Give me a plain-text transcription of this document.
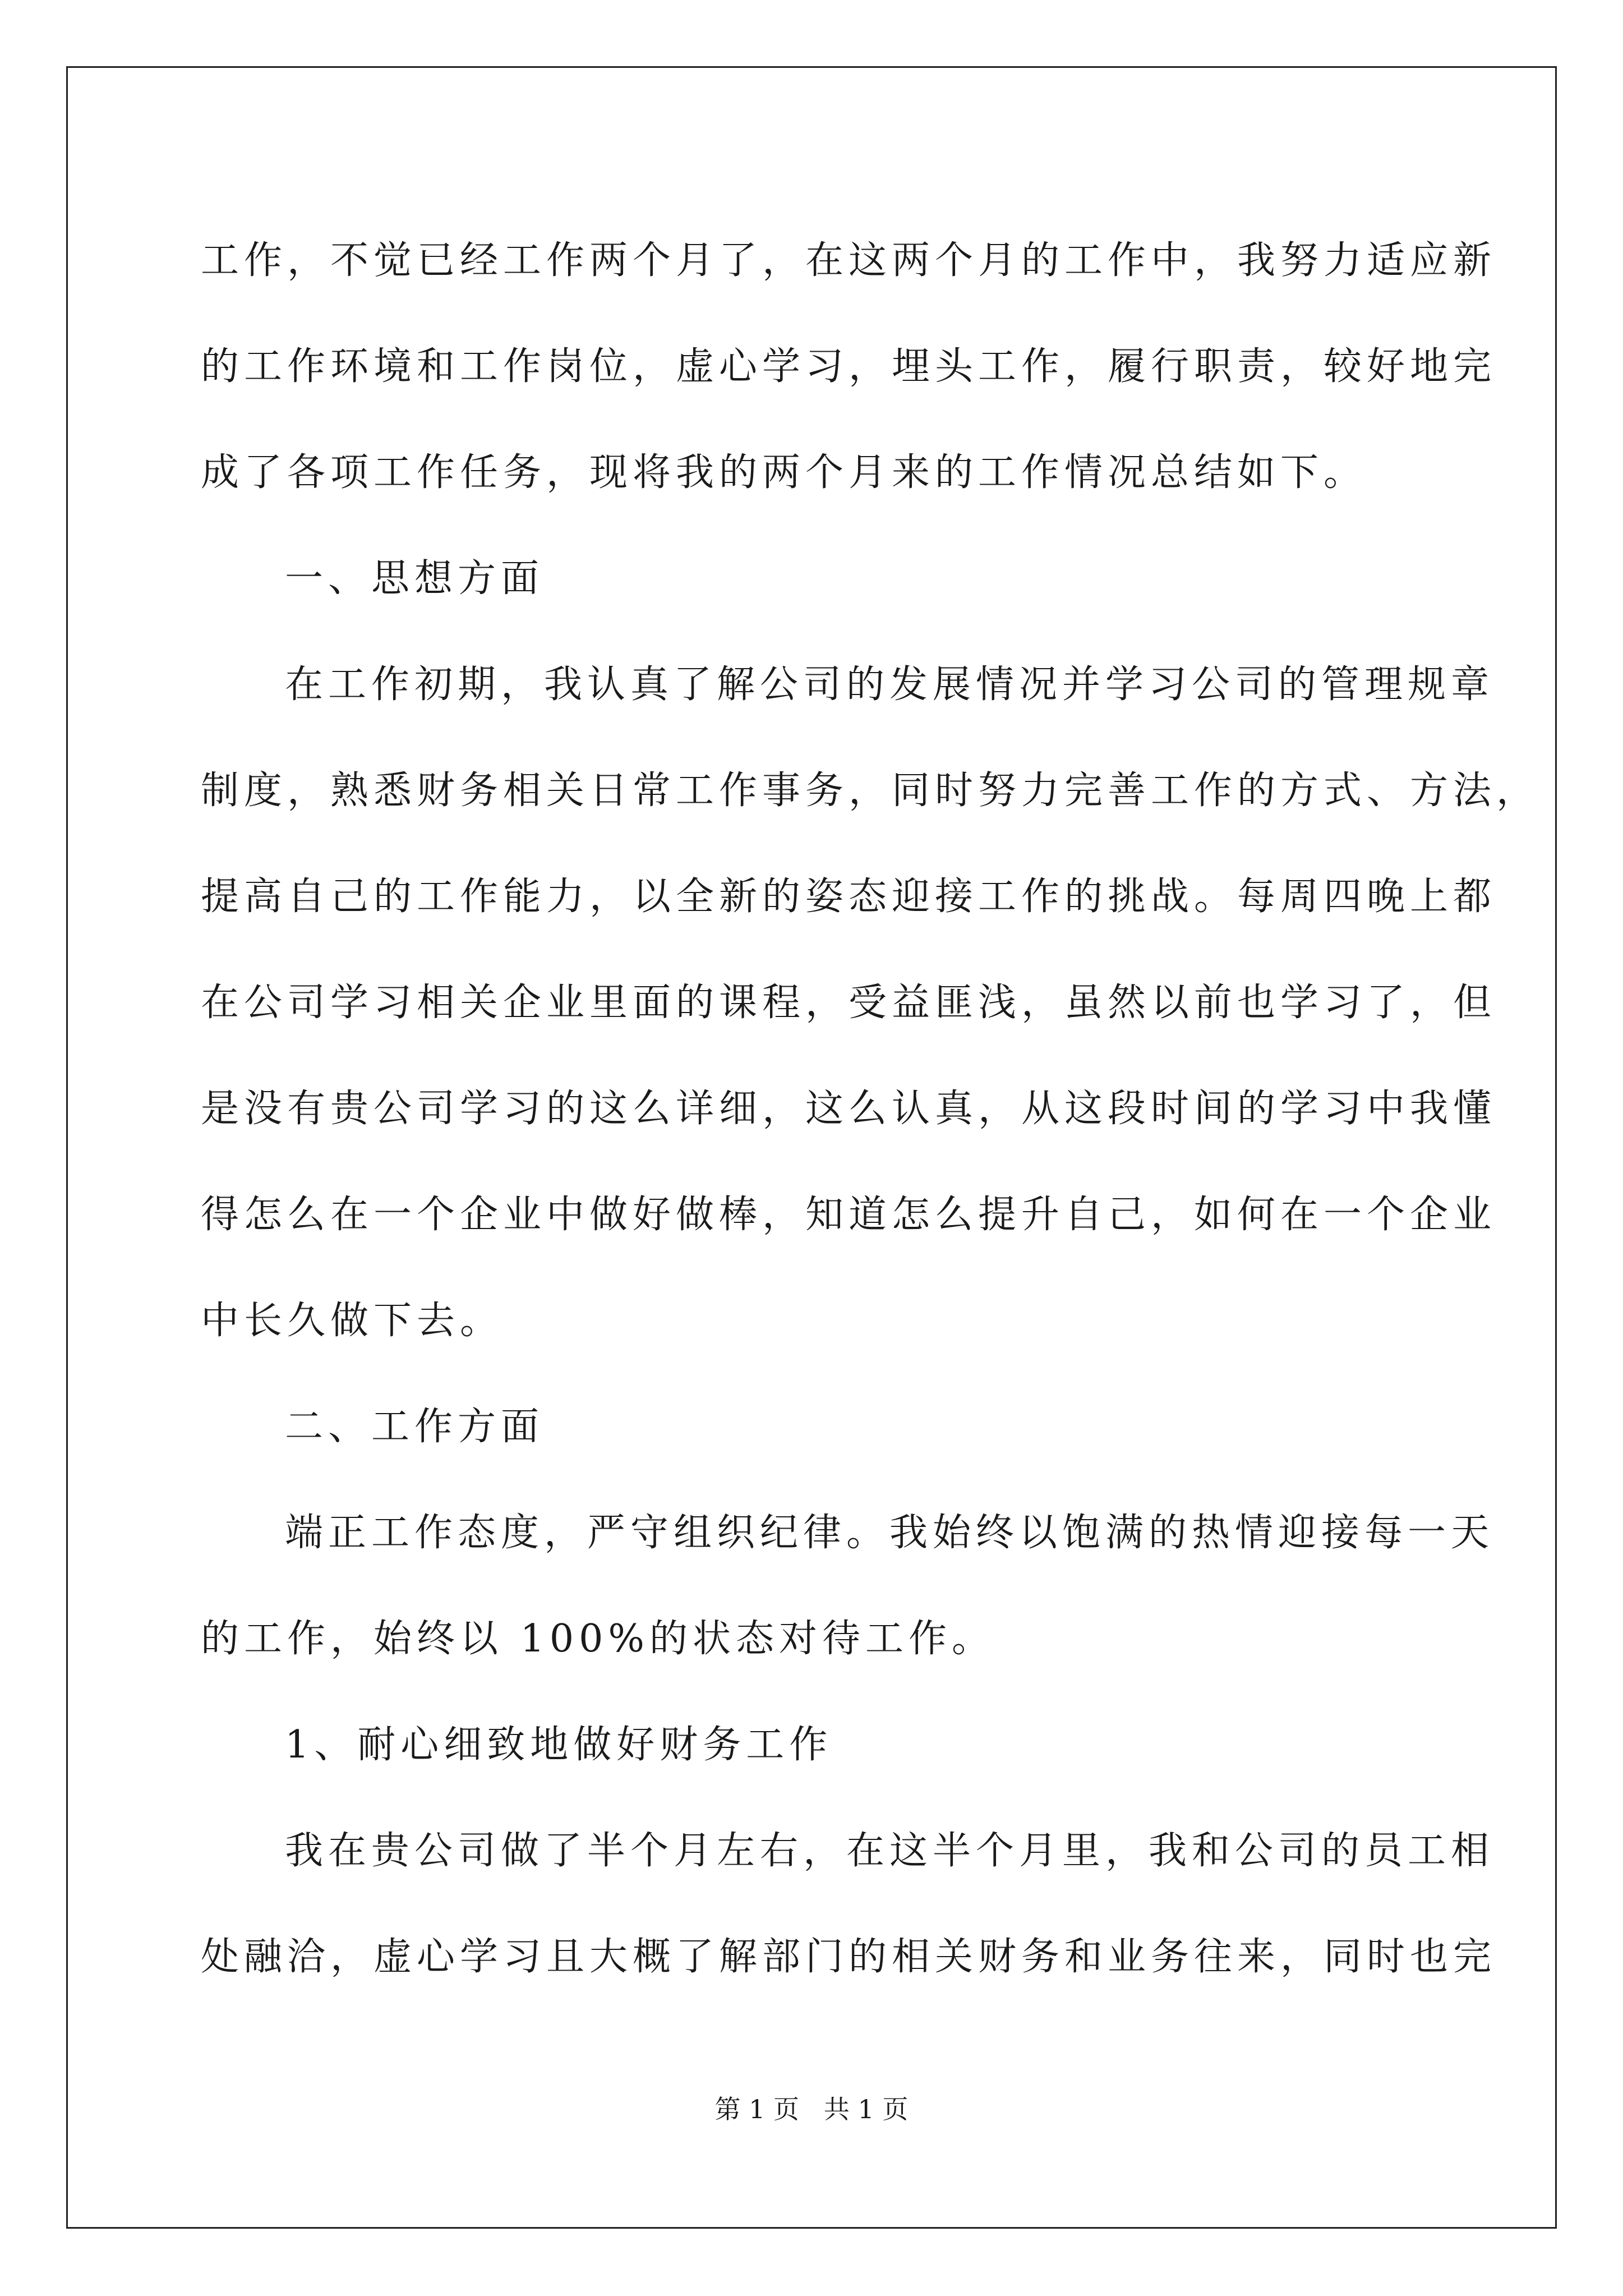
工作，不觉已经工作两个月了，在这两个月的工作中，我努力适应新

的工作环境和工作岗位，虚心学习，埋头工作，履行职责，较好地完

成了各项工作任务，现将我的两个月来的工作情况总结如下。

一、思想方面

在工作初期，我认真了解公司的发展情况并学习公司的管理规章

制度，熟悉财务相关日常工作事务，同时努力完善工作的方式、方法，

提高自己的工作能力，以全新的姿态迎接工作的挑战。每周四晚上都

在公司学习相关企业里面的课程，受益匪浅，虽然以前也学习了，但

是没有贵公司学习的这么详细，这么认真，从这段时间的学习中我懂

得怎么在一个企业中做好做棒，知道怎么提升自己，如何在一个企业

中长久做下去。

二、工作方面

端正工作态度，严守组织纪律。我始终以饱满的热情迎接每一天

的工作，始终以 100%的状态对待工作。

1、耐心细致地做好财务工作

我在贵公司做了半个月左右，在这半个月里，我和公司的员工相

处融洽，虚心学习且大概了解部门的相关财务和业务往来，同时也完

第 1 页   共 1 页
